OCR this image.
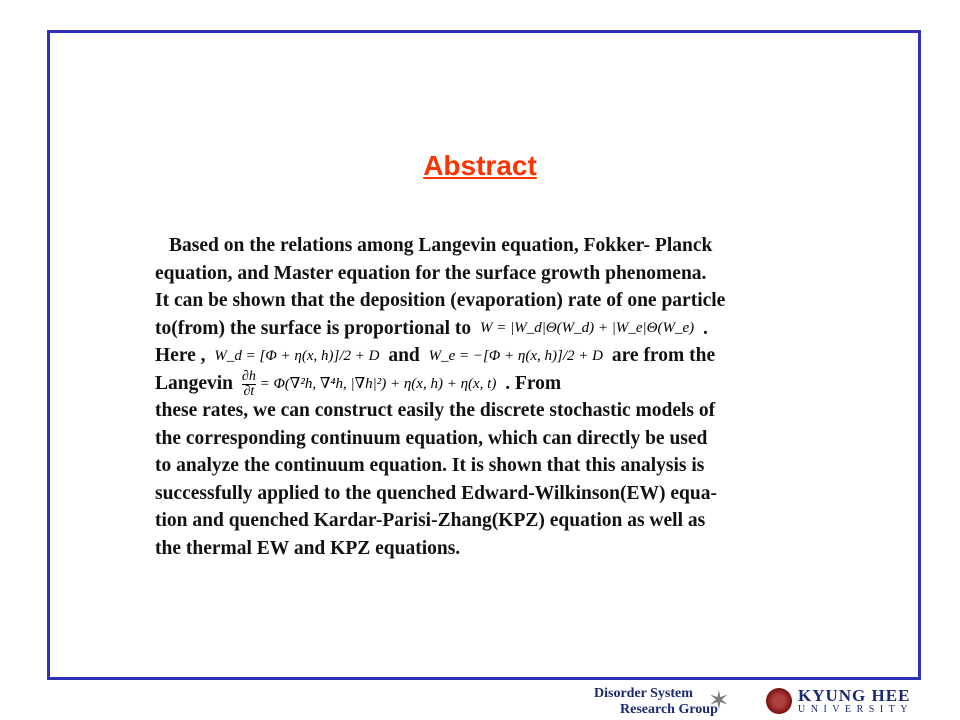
Abstract
Based on the relations among Langevin equation, Fokker- Planck
equation, and Master equation for the surface growth phenomena.
It can be shown that the deposition (evaporation) rate of one particle
to(from) the surface is proportional to W = |W_d|Θ(W_d) + |W_e|Θ(W_e) .
Here , W_d = [Φ + η(x, h)]/2 + D and W_e = −[Φ + η(x, h)]/2 + D are from the
Langevin $\frac{\partial h}{\partial t} = \Phi(\nabla^2h$, ∇⁴h, |∇h|²) + η(x, h) + η(x, t) . From
these rates, we can construct easily the discrete stochastic models of
the corresponding continuum equation, which can directly be used
to analyze the continuum equation. It is shown that this analysis is
successfully applied to the quenched Edward-Wilkinson(EW) equa-
tion and quenched Kardar-Parisi-Zhang(KPZ) equation as well as
the thermal EW and KPZ equations.
Disorder System
Research Group
✶	KYUNG HEE
UNIVERSITY
